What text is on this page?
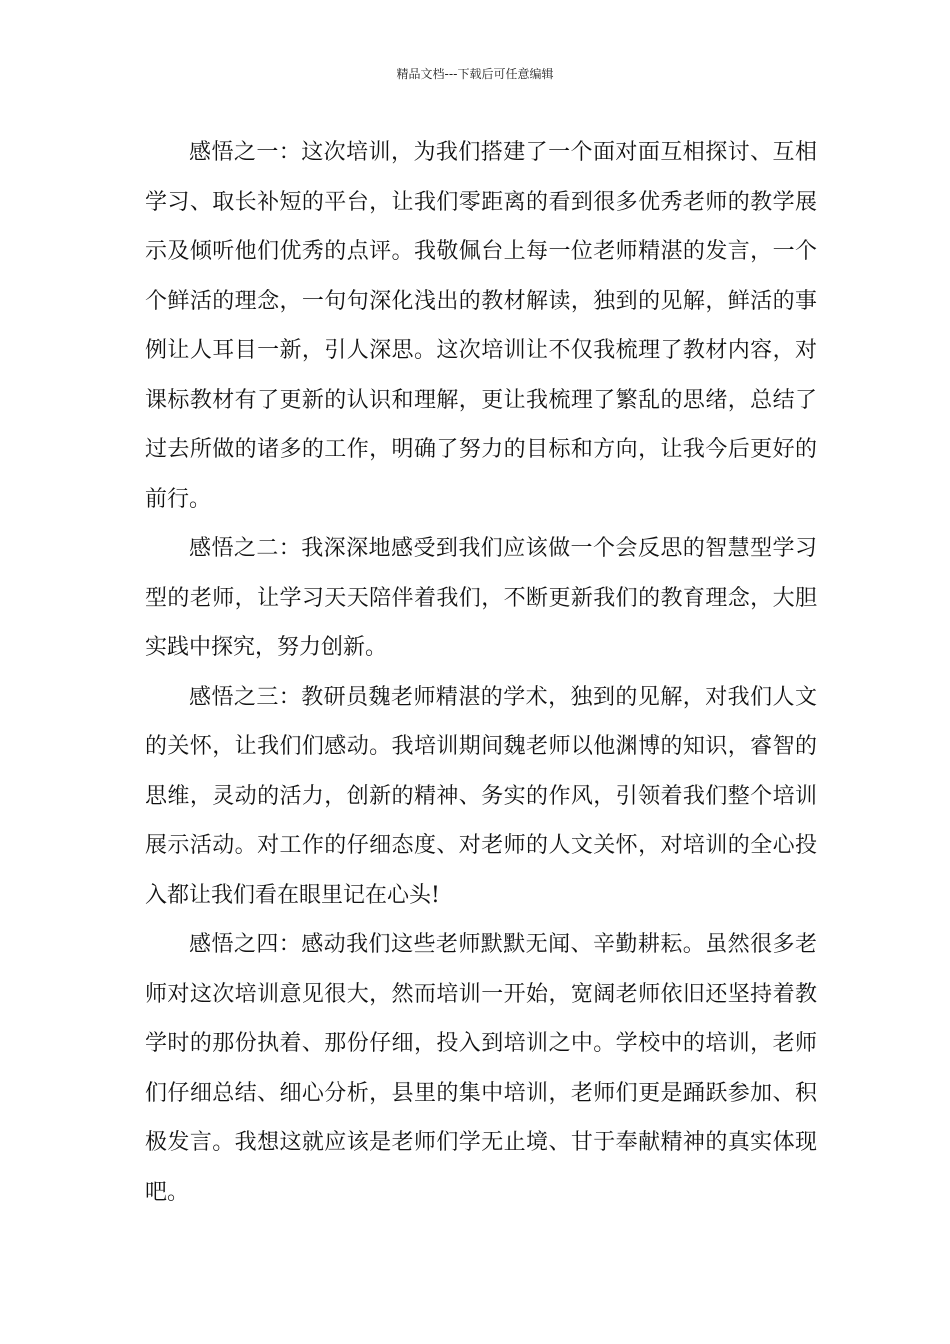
精品文档---下载后可任意编辑

感悟之一：这次培训，为我们搭建了一个面对面互相探讨、互相学习、取长补短的平台，让我们零距离的看到很多优秀老师的教学展示及倾听他们优秀的点评。我敬佩台上每一位老师精湛的发言，一个个鲜活的理念，一句句深化浅出的教材解读，独到的见解，鲜活的事例让人耳目一新，引人深思。这次培训让不仅我梳理了教材内容，对课标教材有了更新的认识和理解，更让我梳理了繁乱的思绪，总结了过去所做的诸多的工作，明确了努力的目标和方向，让我今后更好的前行。

感悟之二：我深深地感受到我们应该做一个会反思的智慧型学习型的老师，让学习天天陪伴着我们，不断更新我们的教育理念，大胆实践中探究，努力创新。

感悟之三：教研员魏老师精湛的学术，独到的见解，对我们人文的关怀，让我们们感动。我培训期间魏老师以他渊博的知识，睿智的思维，灵动的活力，创新的精神、务实的作风，引领着我们整个培训展示活动。对工作的仔细态度、对老师的人文关怀，对培训的全心投入都让我们看在眼里记在心头!

感悟之四：感动我们这些老师默默无闻、辛勤耕耘。虽然很多老师对这次培训意见很大，然而培训一开始，宽阔老师依旧还坚持着教学时的那份执着、那份仔细，投入到培训之中。学校中的培训，老师们仔细总结、细心分析，县里的集中培训，老师们更是踊跃参加、积极发言。我想这就应该是老师们学无止境、甘于奉献精神的真实体现吧。
